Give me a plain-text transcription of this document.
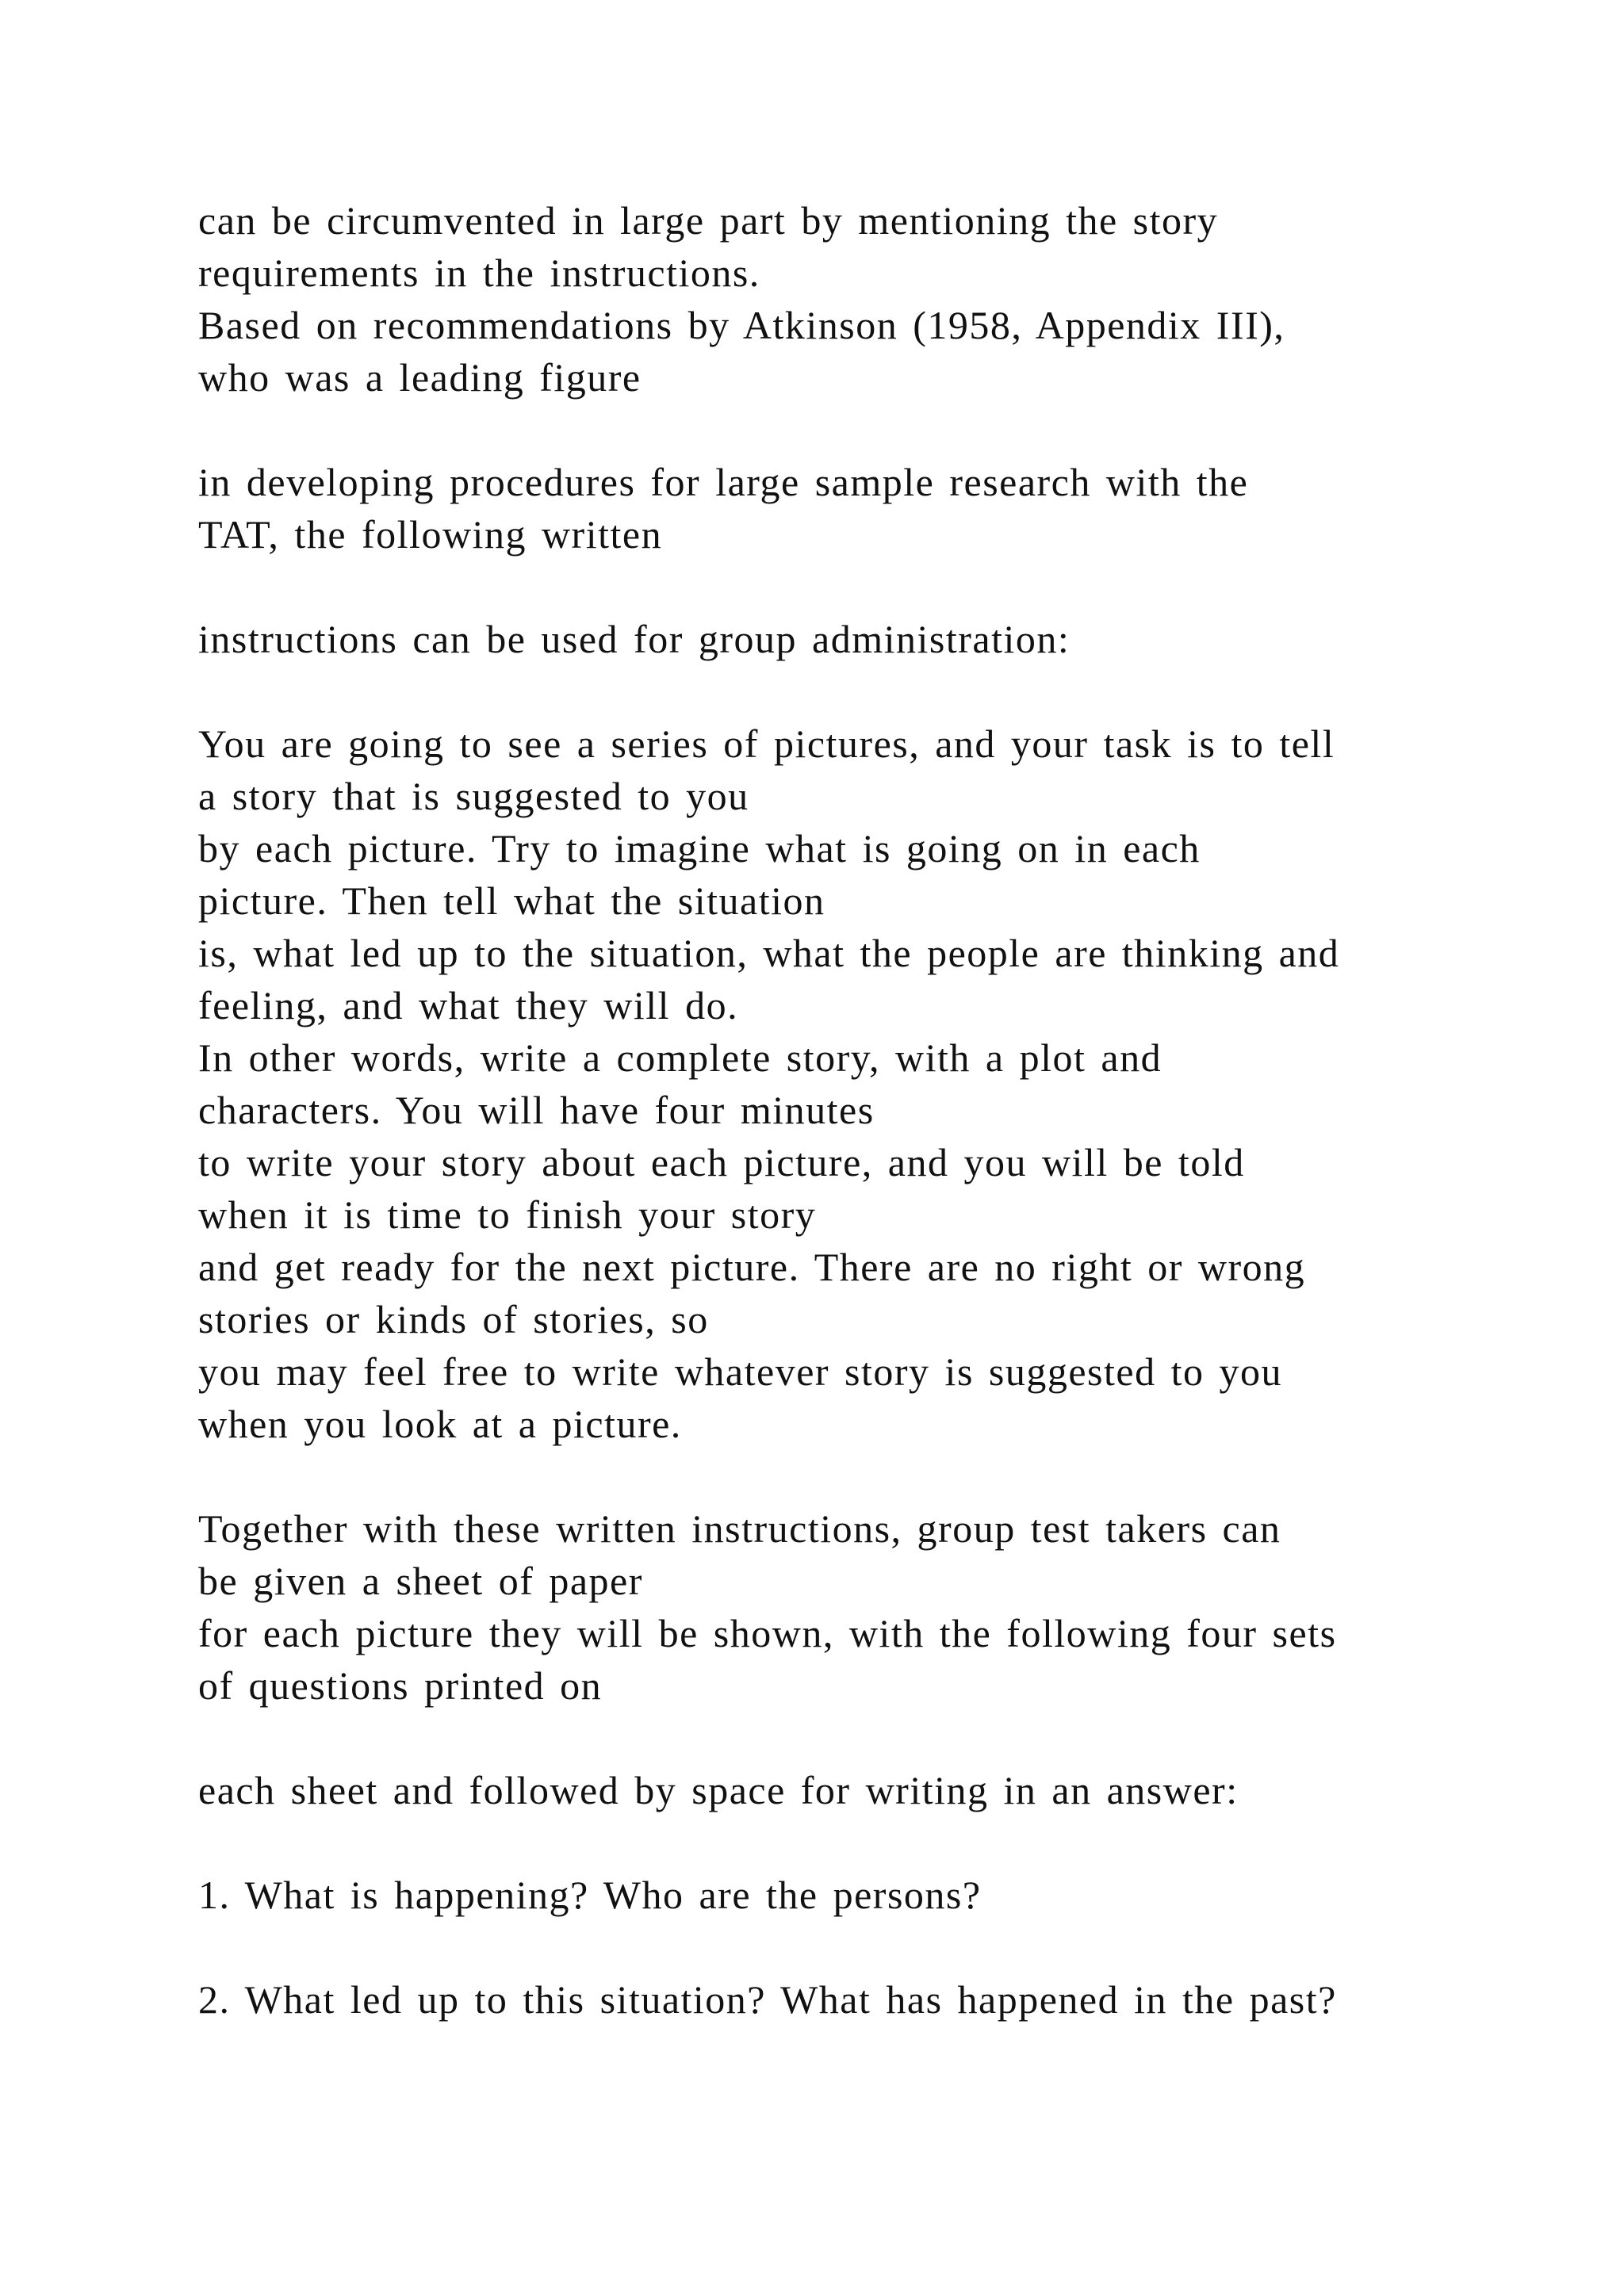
can be circumvented in large part by mentioning the story
requirements in the instructions.
Based on recommendations by Atkinson (1958, Appendix III),
who was a leading figure
in developing procedures for large sample research with the
TAT, the following written
instructions can be used for group administration:
You are going to see a series of pictures, and your task is to tell
a story that is suggested to you
by each picture. Try to imagine what is going on in each
picture. Then tell what the situation
is, what led up to the situation, what the people are thinking and
feeling, and what they will do.
In other words, write a complete story, with a plot and
characters. You will have four minutes
to write your story about each picture, and you will be told
when it is time to finish your story
and get ready for the next picture. There are no right or wrong
stories or kinds of stories, so
you may feel free to write whatever story is suggested to you
when you look at a picture.
Together with these written instructions, group test takers can
be given a sheet of paper
for each picture they will be shown, with the following four sets
of questions printed on
each sheet and followed by space for writing in an answer:
1. What is happening? Who are the persons?
2. What led up to this situation? What has happened in the past?
